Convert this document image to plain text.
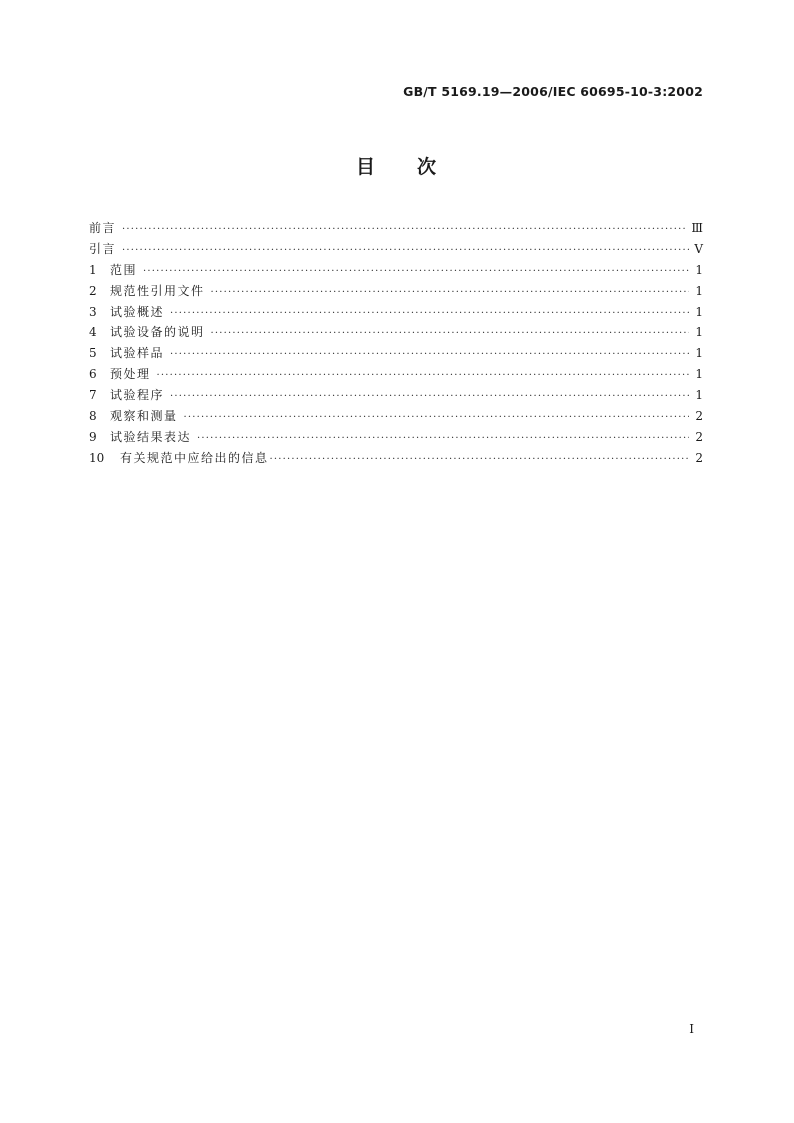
GB/T 5169.19—2006/IEC 60695-10-3:2002
目 次
前言 ·····	Ⅲ
引言 ·····	Ⅴ
1	范围 ·····	1
2	规范性引用文件 ·····	1
3	试验概述 ·····	1
4	试验设备的说明 ·····	1
5	试验样品 ·····	1
6	预处理 ·····	1
7	试验程序 ·····	1
8	观察和测量 ·····	2
9	试验结果表达 ·····	2
10	有关规范中应给出的信息 ·····	2
Ⅰ
